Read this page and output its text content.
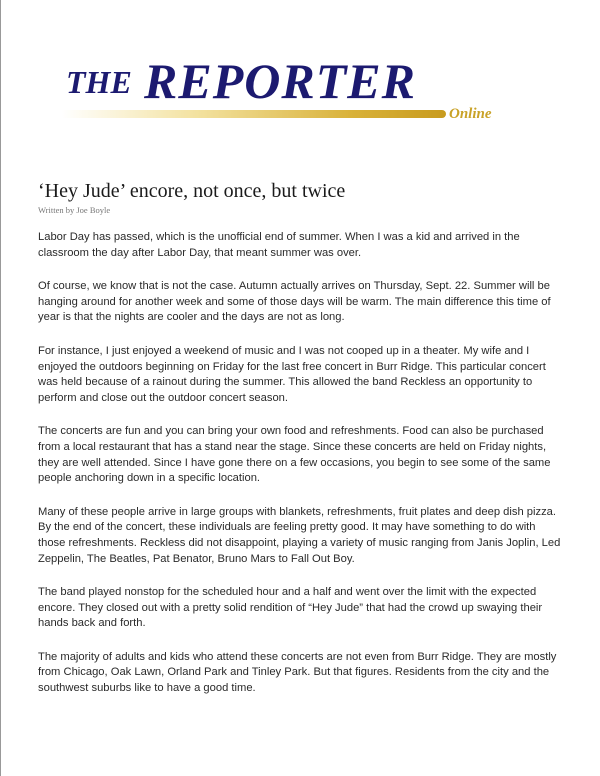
THE REPORTER
Online
‘Hey Jude’ encore, not once, but twice
Written by Joe Boyle

Labor Day has passed, which is the unofficial end of summer. When I was a kid and arrived in the classroom the day after Labor Day, that meant summer was over.

Of course, we know that is not the case. Autumn actually arrives on Thursday, Sept. 22. Summer will be hanging around for another week and some of those days will be warm. The main difference this time of year is that the nights are cooler and the days are not as long.

For instance, I just enjoyed a weekend of music and I was not cooped up in a theater. My wife and I enjoyed the outdoors beginning on Friday for the last free concert in Burr Ridge. This particular concert was held because of a rainout during the summer. This allowed the band Reckless an opportunity to perform and close out the outdoor concert season.

The concerts are fun and you can bring your own food and refreshments. Food can also be purchased from a local restaurant that has a stand near the stage. Since these concerts are held on Friday nights, they are well attended. Since I have gone there on a few occasions, you begin to see some of the same people anchoring down in a specific location.

Many of these people arrive in large groups with blankets, refreshments, fruit plates and deep dish pizza. By the end of the concert, these individuals are feeling pretty good. It may have something to do with those refreshments. Reckless did not disappoint, playing a variety of music ranging from Janis Joplin, Led Zeppelin, The Beatles, Pat Benator, Bruno Mars to Fall Out Boy.

The band played nonstop for the scheduled hour and a half and went over the limit with the expected encore. They closed out with a pretty solid rendition of “Hey Jude” that had the crowd up swaying their hands back and forth.

The majority of adults and kids who attend these concerts are not even from Burr Ridge. They are mostly from Chicago, Oak Lawn, Orland Park and Tinley Park. But that figures. Residents from the city and the southwest suburbs like to have a good time.
